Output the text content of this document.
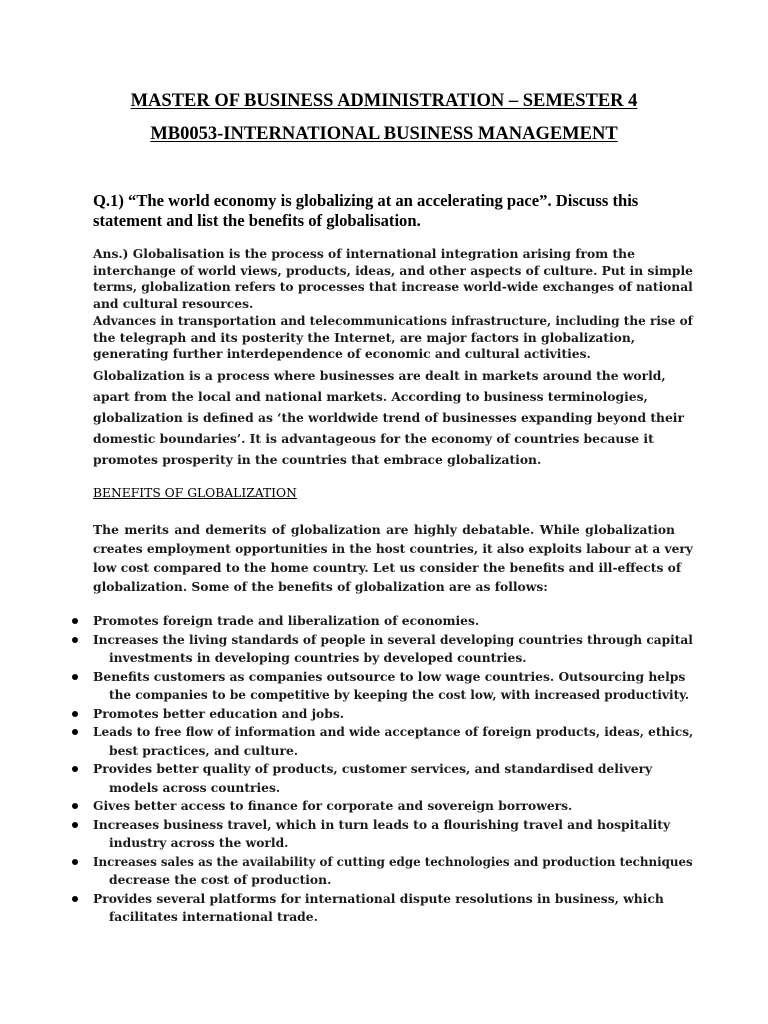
MASTER OF BUSINESS ADMINISTRATION – SEMESTER 4
MB0053-INTERNATIONAL BUSINESS MANAGEMENT
Q.1) “The world economy is globalizing at an accelerating pace”. Discuss this statement and list the benefits of globalisation.
Ans.) Globalisation is the process of international integration arising from the
interchange of world views, products, ideas, and other aspects of culture. Put in simple
terms, globalization refers to processes that increase world-wide exchanges of national
and cultural resources.
Advances in transportation and telecommunications infrastructure, including the rise of
the telegraph and its posterity the Internet, are major factors in globalization,
generating further interdependence of economic and cultural activities.
Globalization is a process where businesses are dealt in markets around the world,
apart from the local and national markets. According to business terminologies,
globalization is defined as ‘the worldwide trend of businesses expanding beyond their
domestic boundaries’. It is advantageous for the economy of countries because it
promotes prosperity in the countries that embrace globalization.
BENEFITS OF GLOBALIZATION
The merits and demerits of globalization are highly debatable. While globalization
creates employment opportunities in the host countries, it also exploits labour at a very
low cost compared to the home country. Let us consider the benefits and ill-effects of
globalization. Some of the benefits of globalization are as follows:
Promotes foreign trade and liberalization of economies.
Increases the living standards of people in several developing countries through capital
investments in developing countries by developed countries.
Benefits customers as companies outsource to low wage countries. Outsourcing helps
the companies to be competitive by keeping the cost low, with increased productivity.
Promotes better education and jobs.
Leads to free flow of information and wide acceptance of foreign products, ideas, ethics,
best practices, and culture.
Provides better quality of products, customer services, and standardised delivery
models across countries.
Gives better access to finance for corporate and sovereign borrowers.
Increases business travel, which in turn leads to a flourishing travel and hospitality
industry across the world.
Increases sales as the availability of cutting edge technologies and production techniques
decrease the cost of production.
Provides several platforms for international dispute resolutions in business, which
facilitates international trade.
